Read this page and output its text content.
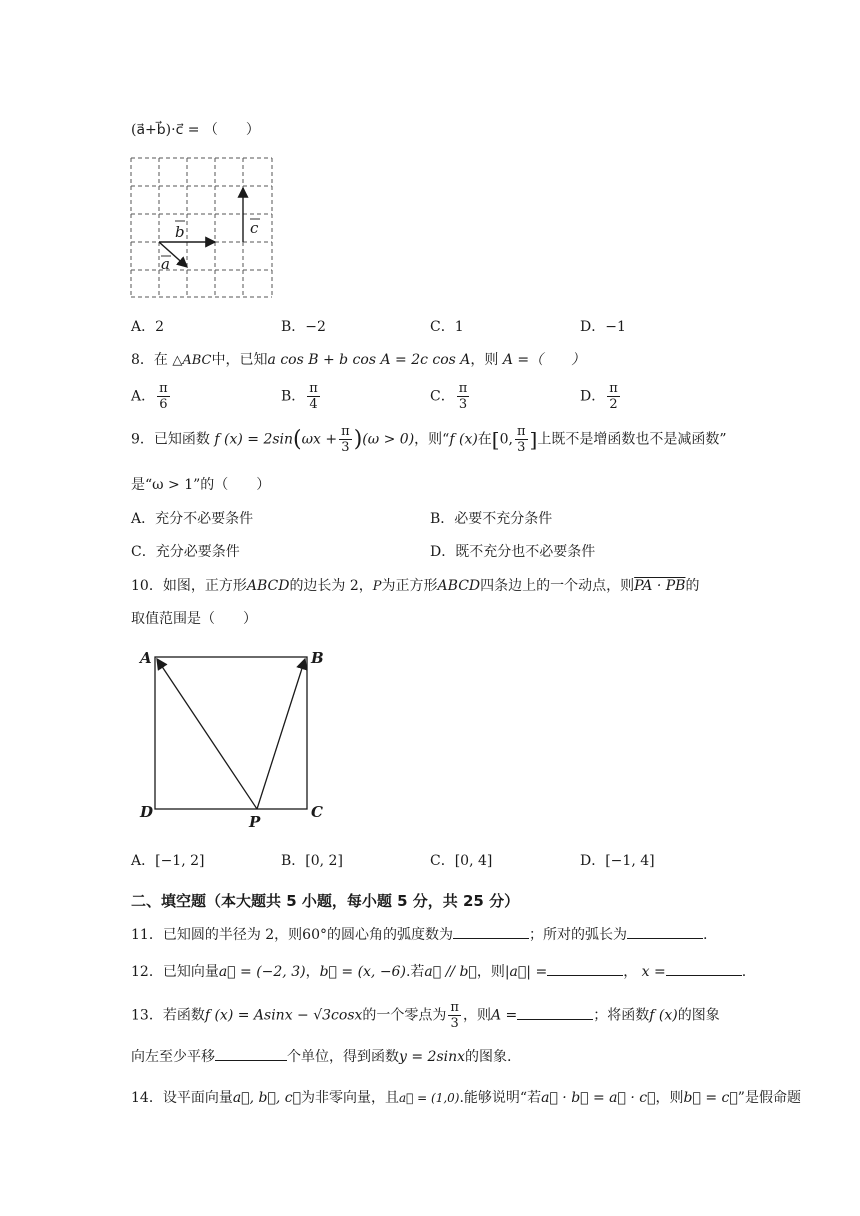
(a⃗+b⃗)·c⃗ = （　　）
b
a
c
A．2	B．−2	C．1	D．−1
8．在 △ABC中，已知a cos B + b cos A = 2c cos A，则 A =（　　）
A． $\frac{\pi}{6}$	B． $\frac{\pi}{4}$	C． $\frac{\pi}{3}$	D． $\frac{\pi}{2}$
9．已知函数 f $(x) = 2\sin(\omega x + \frac{\pi}{3} )(\omega > 0)$，则“f (x)在[0, $\frac{\pi}{3}$ ]上既不是增函数也不是减函数”
是“ω > 1”的（　　）
A．充分不必要条件	B．必要不充分条件
C．充分必要条件	D．既不充分也不必要条件
10．如图，正方形ABCD的边长为 2，P为正方形ABCD四条边上的一个动点，则PA · PB的
取值范围是（　　）
A	B
D	C
P
A．[−1, 2]	B．[0, 2]	C．[0, 4]	D．[−1, 4]
二、填空题（本大题共 5 小题，每小题 5 分，共 25 分）
11．已知圆的半径为 2，则60°的圆心角的弧度数为	；所对的弧长为	.
12．已知向量a⃗ = (−2, 3)，b⃗ = (x, −6).若a⃗ // b⃗，则|a⃗| =	， x =	.
13．若函数f (x) = Asinx − √3cosx的一个零点为 $\frac{\pi}{3}$ ，则A =	；将函数f (x)的图象
向左至少平移	个单位，得到函数y = 2sinx的图象.
14．设平面向量a⃗, b⃗, c⃗为非零向量，且a⃗ = (1,0).能够说明“若a⃗ · b⃗ = a⃗ · c⃗，则b⃗ = c⃗”是假命题
